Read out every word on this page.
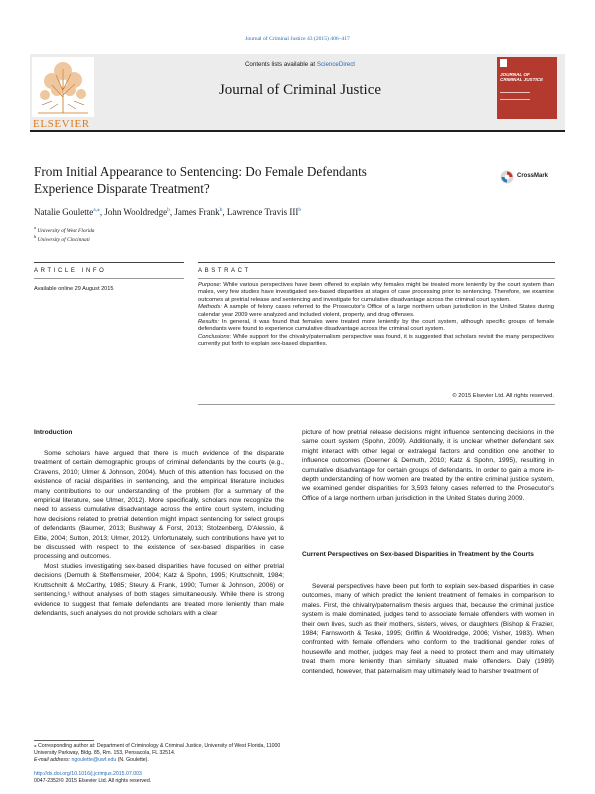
Journal of Criminal Justice 43 (2015) 406–417
ELSEVIER
Contents lists available at ScienceDirect
Journal of Criminal Justice
JOURNAL OF CRIMINAL JUSTICE
From Initial Appearance to Sentencing: Do Female Defendants
Experience Disparate Treatment?
CrossMark
Natalie Goulette$^{a,⁎}$, John Wooldredge$^b$, James Frank$^b$, Lawrence Travis III$^b$
$^a$ University of West Florida
$^b$ University of Cincinnati
ARTICLE INFO	ABSTRACT
Available online 29 August 2015

Purpose: While various perspectives have been offered to explain why females might be treated more leniently by the court system than males, very few studies have investigated sex-based disparities at stages of case processing prior to sentencing. Therefore, we examine outcomes at pretrial release and sentencing and investigate for cumulative disadvantage across the criminal court system.

Methods: A sample of felony cases referred to the Prosecutor's Office of a large northern urban jurisdiction in the United States during calendar year 2009 were analyzed and included violent, property, and drug offenses.

Results: In general, it was found that females were treated more leniently by the court system, although specific groups of female defendants were found to experience cumulative disadvantage across the criminal court system.

Conclusions: While support for the chivalry/paternalism perspective was found, it is suggested that scholars revisit the many perspectives currently put forth to explain sex-based disparities.

© 2015 Elsevier Ltd. All rights reserved.
Introduction

Some scholars have argued that there is much evidence of the disparate treatment of certain demographic groups of criminal defendants by the courts (e.g., Cravens, 2010; Ulmer & Johnson, 2004). Much of this attention has focused on the existence of racial disparities in sentencing, and the empirical literature includes many contributions to our understanding of the problem (for a summary of the empirical literature, see Ulmer, 2012). More specifically, scholars now recognize the need to assess cumulative disadvantage across the entire court system, including how decisions related to pretrial detention might impact sentencing for select groups of defendants (Baumer, 2013; Bushway & Forst, 2013; Stolzenberg, D'Alessio, & Eitle, 2004; Sutton, 2013; Ulmer, 2012). Unfortunately, such contributions have yet to be discussed with respect to the existence of sex-based disparities in case processing and outcomes.

Most studies investigating sex-based disparities have focused on either pretrial decisions (Demuth & Steffensmeier, 2004; Katz & Spohn, 1995; Kruttschnitt, 1984; Kruttschnitt & McCarthy, 1985; Steury & Frank, 1990; Turner & Johnson, 2006) or sentencing,¹ without analyses of both stages simultaneously. While there is strong evidence to suggest that female defendants are treated more leniently than male defendants, such analyses do not provide scholars with a clear

⁎ Corresponding author at: Department of Criminology & Criminal Justice, University of West Florida, 11000 University Parkway, Bldg. 85, Rm. 153, Pensacola, FL 32514.
E-mail address: ngoulette@uwf.edu (N. Goulette).
http://dx.doi.org/10.1016/j.jcrimjus.2015.07.003
0047-2352/© 2015 Elsevier Ltd. All rights reserved.

picture of how pretrial release decisions might influence sentencing decisions in the same court system (Spohn, 2009). Additionally, it is unclear whether defendant sex might interact with other legal or extralegal factors and condition one another to influence outcomes (Doerner & Demuth, 2010; Katz & Spohn, 1995), resulting in cumulative disadvantage for certain groups of defendants. In order to gain a more in-depth understanding of how women are treated by the entire criminal justice system, we examined gender disparities for 3,593 felony cases referred to the Prosecutor's Office of a large northern urban jurisdiction in the United States during 2009.

Current Perspectives on Sex-based Disparities in Treatment by the Courts

Several perspectives have been put forth to explain sex-based disparities in case outcomes, many of which predict the lenient treatment of females in comparison to males. First, the chivalry/paternalism thesis argues that, because the criminal justice system is male dominated, judges tend to associate female offenders with women in their own lives, such as their mothers, sisters, wives, or daughters (Bishop & Frazier, 1984; Farnsworth & Teske, 1995; Griffin & Wooldredge, 2006; Visher, 1983). When confronted with female offenders who conform to the traditional gender roles of housewife and mother, judges may feel a need to protect them and may ultimately treat them more leniently than similarly situated male offenders. Daly (1989) contended, however, that paternalism may ultimately lead to harsher treatment of
